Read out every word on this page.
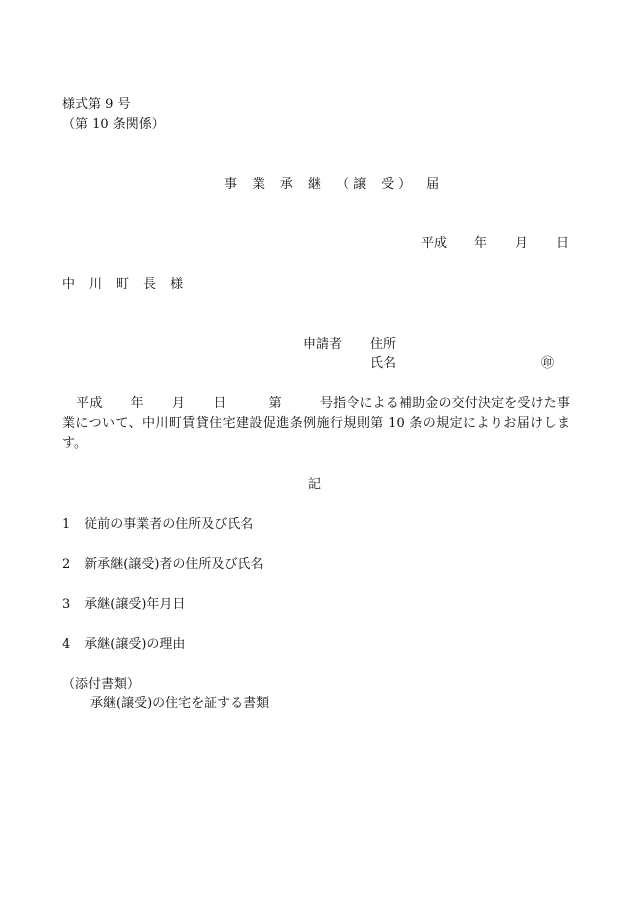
様式第 9 号
（第 10 条関係）
事 業 承 継 （ 譲 受 ） 届
平成 年 月 日
中 川 町 長 様
申請者 住所
氏名	㊞
平成 年 月 日	第	号指令による補助金の交付決定を受けた事業について、中川町賃貸住宅建設促進条例施行規則第 10 条の規定によりお届けします。
記
1 従前の事業者の住所及び氏名
2 新承継(譲受)者の住所及び氏名
3 承継(譲受)年月日
4 承継(譲受)の理由
（添付書類）
承継(譲受)の住宅を証する書類
